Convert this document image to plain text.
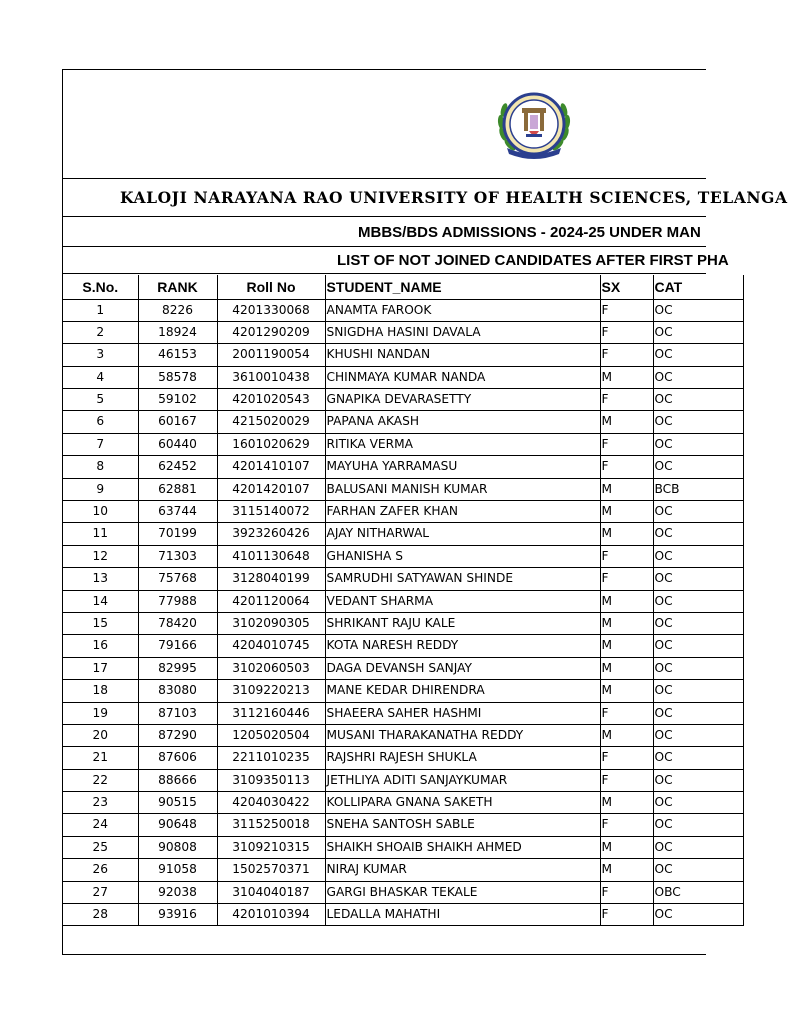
KALOJI NARAYANA RAO UNIVERSITY OF HEALTH SCIENCES, TELANGA
MBBS/BDS ADMISSIONS - 2024-25 UNDER MAN
LIST OF NOT JOINED CANDIDATES AFTER FIRST PHA
S.No.	RANK	Roll No	STUDENT_NAME	SX	CAT
1	8226	4201330068	ANAMTA FAROOK	F	OC
2	18924	4201290209	SNIGDHA HASINI DAVALA	F	OC
3	46153	2001190054	KHUSHI NANDAN	F	OC
4	58578	3610010438	CHINMAYA KUMAR NANDA	M	OC
5	59102	4201020543	GNAPIKA DEVARASETTY	F	OC
6	60167	4215020029	PAPANA AKASH	M	OC
7	60440	1601020629	RITIKA VERMA	F	OC
8	62452	4201410107	MAYUHA YARRAMASU	F	OC
9	62881	4201420107	BALUSANI MANISH KUMAR	M	BCB
10	63744	3115140072	FARHAN ZAFER KHAN	M	OC
11	70199	3923260426	AJAY NITHARWAL	M	OC
12	71303	4101130648	GHANISHA S	F	OC
13	75768	3128040199	SAMRUDHI SATYAWAN SHINDE	F	OC
14	77988	4201120064	VEDANT SHARMA	M	OC
15	78420	3102090305	SHRIKANT RAJU KALE	M	OC
16	79166	4204010745	KOTA NARESH REDDY	M	OC
17	82995	3102060503	DAGA DEVANSH SANJAY	M	OC
18	83080	3109220213	MANE KEDAR DHIRENDRA	M	OC
19	87103	3112160446	SHAEERA SAHER HASHMI	F	OC
20	87290	1205020504	MUSANI THARAKANATHA REDDY	M	OC
21	87606	2211010235	RAJSHRI RAJESH SHUKLA	F	OC
22	88666	3109350113	JETHLIYA ADITI SANJAYKUMAR	F	OC
23	90515	4204030422	KOLLIPARA GNANA SAKETH	M	OC
24	90648	3115250018	SNEHA SANTOSH SABLE	F	OC
25	90808	3109210315	SHAIKH SHOAIB SHAIKH AHMED	M	OC
26	91058	1502570371	NIRAJ KUMAR	M	OC
27	92038	3104040187	GARGI BHASKAR TEKALE	F	OBC
28	93916	4201010394	LEDALLA MAHATHI	F	OC
